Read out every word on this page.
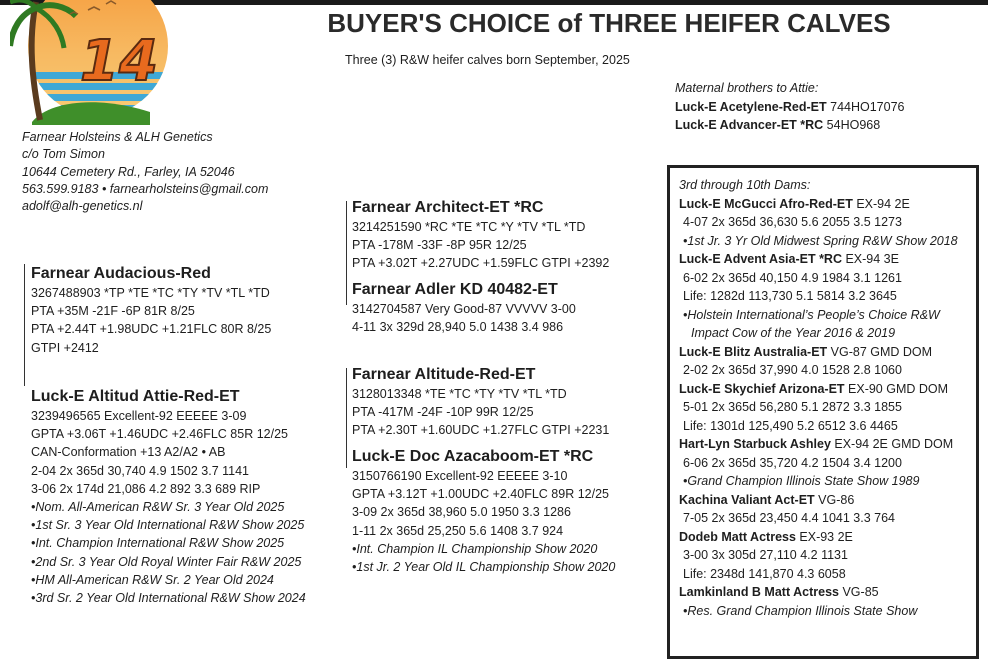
14
BUYER'S CHOICE of THREE HEIFER CALVES
Three (3) R&W heifer calves born September, 2025
Farnear Holsteins & ALH Genetics
c/o Tom Simon
10644 Cemetery Rd., Farley, IA 52046
563.599.9183 • farnearholsteins@gmail.com
adolf@alh-genetics.nl
Maternal brothers to Attie:
Luck-E Acetylene-Red-ET 744HO17076
Luck-E Advancer-ET *RC 54HO968
Farnear Audacious-Red
3267488903 *TP *TE *TC *TY *TV *TL *TD
PTA +35M -21F -6P 81R 8/25
PTA +2.44T +1.98UDC +1.21FLC 80R 8/25
GTPI +2412
Luck-E Altitud Attie-Red-ET
3239496565 Excellent-92 EEEEE 3-09
GPTA +3.06T +1.46UDC +2.46FLC 85R 12/25
CAN-Conformation +13 A2/A2 • AB
2-04 2x 365d 30,740 4.9 1502 3.7 1141
3-06 2x 174d 21,086 4.2 892 3.3 689 RIP
•Nom. All-American R&W Sr. 3 Year Old 2025
•1st Sr. 3 Year Old International R&W Show 2025
•Int. Champion International R&W Show 2025
•2nd Sr. 3 Year Old Royal Winter Fair R&W 2025
•HM All-American R&W Sr. 2 Year Old 2024
•3rd Sr. 2 Year Old International R&W Show 2024
Farnear Architect-ET *RC
3214251590 *RC *TE *TC *Y *TV *TL *TD
PTA -178M -33F -8P 95R 12/25
PTA +3.02T +2.27UDC +1.59FLC GTPI +2392
Farnear Adler KD 40482-ET
3142704587 Very Good-87 VVVVV 3-00
4-11 3x 329d 28,940 5.0 1438 3.4 986
Farnear Altitude-Red-ET
3128013348 *TE *TC *TY *TV *TL *TD
PTA -417M -24F -10P 99R 12/25
PTA +2.30T +1.60UDC +1.27FLC GTPI +2231
Luck-E Doc Azacaboom-ET *RC
3150766190 Excellent-92 EEEEE 3-10
GPTA +3.12T +1.00UDC +2.40FLC 89R 12/25
3-09 2x 365d 38,960 5.0 1950 3.3 1286
1-11 2x 365d 25,250 5.6 1408 3.7 924
•Int. Champion IL Championship Show 2020
•1st Jr. 2 Year Old IL Championship Show 2020
3rd through 10th Dams:
Luck-E McGucci Afro-Red-ET EX-94 2E
4-07 2x 365d 36,630 5.6 2055 3.5 1273
•1st Jr. 3 Yr Old Midwest Spring R&W Show 2018
Luck-E Advent Asia-ET *RC EX-94 3E
6-02 2x 365d 40,150 4.9 1984 3.1 1261
Life: 1282d 113,730 5.1 5814 3.2 3645
•Holstein International’s People’s Choice R&W
Impact Cow of the Year 2016 & 2019
Luck-E Blitz Australia-ET VG-87 GMD DOM
2-02 2x 365d 37,990 4.0 1528 2.8 1060
Luck-E Skychief Arizona-ET EX-90 GMD DOM
5-01 2x 365d 56,280 5.1 2872 3.3 1855
Life: 1301d 125,490 5.2 6512 3.6 4465
Hart-Lyn Starbuck Ashley EX-94 2E GMD DOM
6-06 2x 365d 35,720 4.2 1504 3.4 1200
•Grand Champion Illinois State Show 1989
Kachina Valiant Act-ET VG-86
7-05 2x 365d 23,450 4.4 1041 3.3 764
Dodeb Matt Actress EX-93 2E
3-00 3x 305d 27,110 4.2 1131
Life: 2348d 141,870 4.3 6058
Lamkinland B Matt Actress VG-85
•Res. Grand Champion Illinois State Show
